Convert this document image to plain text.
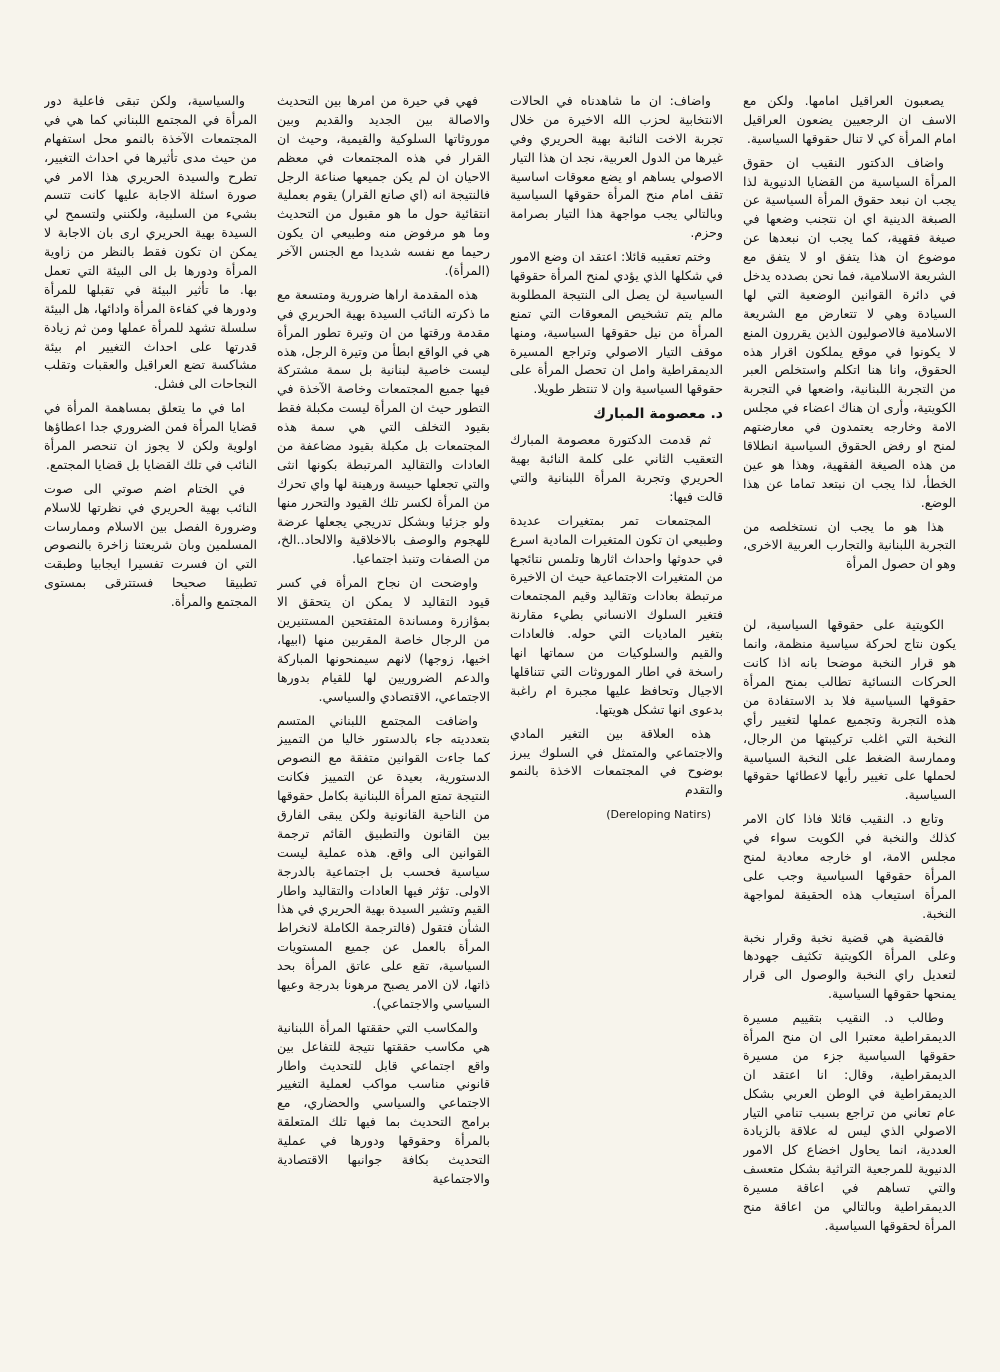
يصعبون العراقيل امامها. ولكن مع الاسف ان الرجعيين يضعون العراقيل امام المرأة كي لا تنال حقوقها السياسية.

واضاف الدكتور النقيب ان حقوق المرأة السياسية من القضايا الدنيوية لذا يجب ان نبعد حقوق المرأة السياسية عن الصبغة الدينية اي ان نتجنب وضعها في صيغة فقهية، كما يجب ان نبعدها عن موضوع ان هذا يتفق او لا يتفق مع الشريعة الاسلامية، فما نحن بصدده يدخل في دائرة القوانين الوضعية التي لها السيادة وهي لا تتعارض مع الشريعة الاسلامية فالاصوليون الذين يقررون المنع لا يكونوا في موقع يملكون اقرار هذه الحقوق، وانا هنا اتكلم واستخلص العبر من التجربة اللبنانية، واضعها في التجربة الكويتية، وأرى ان هناك اعضاء في مجلس الامة وخارجه يعتمدون في معارضتهم لمنح او رفض الحقوق السياسية انطلاقا من هذه الصيغة الفقهية، وهذا هو عين الخطأ، لذا يجب ان نبتعد تماما عن هذا الوضع.

هذا هو ما يجب ان نستخلصه من التجربة اللبنانية والتجارب العربية الاخرى، وهو ان حصول المرأة

الكويتية على حقوقها السياسية، لن يكون نتاج لحركة سياسية منظمة، وانما هو قرار النخبة موضحا بانه اذا كانت الحركات النسائية تطالب بمنح المرأة حقوقها السياسية فلا بد الاستفادة من هذه التجربة وتجميع عملها لتغيير رأي النخبة التي اغلب تركيبتها من الرجال، وممارسة الضغط على النخبة السياسية لحملها على تغيير رأيها لاعطائها حقوقها السياسية.

وتابع د. النقيب قائلا فاذا كان الامر كذلك والنخبة في الكويت سواء في مجلس الامة، او خارجه معادية لمنح المرأة حقوقها السياسية وجب على المرأة استيعاب هذه الحقيقة لمواجهة النخبة.

فالقضية هي قضية نخبة وقرار نخبة وعلى المرأة الكويتية تكثيف جهودها لتعديل راي النخبة والوصول الى قرار يمنحها حقوقها السياسية.

وطالب د. النقيب بتقييم مسيرة الديمقراطية معتبرا الى ان منح المرأة حقوقها السياسية جزء من مسيرة الديمقراطية، وقال: انا اعتقد ان الديمقراطية في الوطن العربي بشكل عام تعاني من تراجع بسبب تنامي التيار الاصولي الذي ليس له علاقة بالزيادة العددية، انما يحاول اخضاع كل الامور الدنيوية للمرجعية التراثية بشكل متعسف والتي تساهم في اعاقة مسيرة الديمقراطية وبالتالي من اعاقة منح المرأة لحقوقها السياسية.

واضاف: ان ما شاهدناه في الحالات الانتخابية لحزب الله الاخيرة من خلال تجربة الاخت النائبة بهية الحريري وفي غيرها من الدول العربية، نجد ان هذا التيار الاصولي يساهم او يضع معوقات اساسية تقف امام منح المرأة حقوقها السياسية وبالتالي يجب مواجهة هذا التيار بصرامة وحزم.

وختم تعقيبه قائلا: اعتقد ان وضع الامور في شكلها الذي يؤدي لمنح المرأة حقوقها السياسية لن يصل الى النتيجة المطلوبة مالم يتم تشخيص المعوقات التي تمنع المرأة من نيل حقوقها السياسية، ومنها موقف التيار الاصولي وتراجع المسيرة الديمقراطية وامل ان تحصل المرأة على حقوقها السياسية وان لا تنتظر طويلا.

د. معصومة المبارك

ثم قدمت الدكتورة معصومة المبارك التعقيب الثاني على كلمة النائبة بهية الحريري وتجربة المرأة اللبنانية والتي قالت فيها:

المجتمعات تمر بمتغيرات عديدة وطبيعي ان تكون المتغيرات المادية اسرع في حدوثها واحداث اثارها وتلمس نتائجها من المتغيرات الاجتماعية حيث ان الاخيرة مرتبطة بعادات وتقاليد وقيم المجتمعات فتغير السلوك الانساني بطيء مقارنة بتغير الماديات التي حوله. فالعادات والقيم والسلوكيات من سماتها انها راسخة في اطار الموروثات التي تتناقلها الاجيال وتحافظ عليها مجبرة ام راغبة بدعوى انها تشكل هويتها.

هذه العلاقة بين التغير المادي والاجتماعي والمتمثل في السلوك يبرز بوضوح في المجتمعات الاخذة بالنمو والتقدم

(Dereloping Natirs)

فهي في حيرة من امرها بين التحديث والاصالة بين الجديد والقديم وبين موروثاتها السلوكية والقيمية، وحيث ان القرار في هذه المجتمعات في معظم الاحيان ان لم يكن جميعها صناعة الرجل فالنتيجة انه (اي صانع القرار) يقوم بعملية انتقائية حول ما هو مقبول من التحديث وما هو مرفوض منه وطبيعي ان يكون رحيما مع نفسه شديدا مع الجنس الآخر (المرأة).

هذه المقدمة اراها ضرورية ومتسعة مع ما ذكرته النائب السيدة بهية الحريري في مقدمة ورقتها من ان وتيرة تطور المرأة هي في الواقع ابطأ من وتيرة الرجل، هذه ليست خاصية لبنانية بل سمة مشتركة فيها جميع المجتمعات وخاصة الآخذة في التطور حيث ان المرأة ليست مكبلة فقط بقيود التخلف التي هي سمة هذه المجتمعات بل مكبلة بقيود مضاعفة من العادات والتقاليد المرتبطة بكونها انثى والتي تجعلها حبيسة ورهينة لها واي تحرك من المرأة لكسر تلك القيود والتحرر منها ولو جزئيا وبشكل تدريجي يجعلها عرضة للهجوم والوصف بالاخلاقية والالحاد..الخ، من الصفات وتنبذ اجتماعيا.

واوضحت ان نجاح المرأة في كسر قيود التقاليد لا يمكن ان يتحقق الا بمؤازرة ومساندة المتفتحين المستنيرين من الرجال خاصة المقربين منها (ابيها، اخيها، زوجها) لانهم سيمنحونها المباركة والدعم الضروريين لها للقيام بدورها الاجتماعي، الاقتصادي والسياسي.

واضافت المجتمع اللبناني المتسم بتعدديته جاء بالدستور خاليا من التمييز كما جاءت القوانين متفقة مع النصوص الدستورية، بعيدة عن التمييز فكانت النتيجة تمتع المرأة اللبنانية بكامل حقوقها من الناحية القانونية ولكن يبقى الفارق بين القانون والتطبيق القائم ترجمة القوانين الى واقع. هذه عملية ليست سياسية فحسب بل اجتماعية بالدرجة الاولى. تؤثر فيها العادات والتقاليد واطار القيم وتشير السيدة بهية الحريري في هذا الشأن فتقول (فالترجمة الكاملة لانخراط المرأة بالعمل عن جميع المستويات السياسية، تقع على عاتق المرأة بحد ذاتها، لان الامر يصبح مرهونا بدرجة وعيها السياسي والاجتماعي).

والمكاسب التي حققتها المرأة اللبنانية هي مكاسب حققتها نتيجة للتفاعل بين واقع اجتماعي قابل للتحديث واطار قانوني مناسب مواكب لعملية التغيير الاجتماعي والسياسي والحضاري، مع برامج التحديث بما فيها تلك المتعلقة بالمرأة وحقوقها ودورها في عملية التحديث بكافة جوانبها الاقتصادية والاجتماعية

والسياسية، ولكن تبقى فاعلية دور المرأة في المجتمع اللبناني كما هي في المجتمعات الآخذة بالنمو محل استفهام من حيث مدى تأثيرها في احداث التغيير، تطرح والسيدة الحريري هذا الامر في صورة اسئلة الاجابة عليها كانت تتسم بشيء من السلبية، ولكنني ولتسمح لي السيدة بهية الحريري ارى بان الاجابة لا يمكن ان تكون فقط بالنظر من زاوية المرأة ودورها بل الى البيئة التي تعمل بها. ما تأثير البيئة في تقبلها للمرأة ودورها في كفاءة المرأة وادائها، هل البيئة سلسلة تشهد للمرأة عملها ومن ثم زيادة قدرتها على احداث التغيير ام بيئة مشاكسة تضع العراقيل والعقبات وتقلب النجاحات الى فشل.

اما في ما يتعلق بمساهمة المرأة في قضايا المرأة فمن الضروري جدا اعطاؤها اولوية ولكن لا يجوز ان تنحصر المرأة النائب في تلك القضايا بل قضايا المجتمع.

في الختام اضم صوتي الى صوت النائب بهية الحريري في نظرتها للاسلام وضرورة الفصل بين الاسلام وممارسات المسلمين وبان شريعتنا زاخرة بالنصوص التي ان فسرت تفسيرا ايجابيا وطبقت تطبيقا صحيحا فستترقى بمستوى المجتمع والمرأة.
